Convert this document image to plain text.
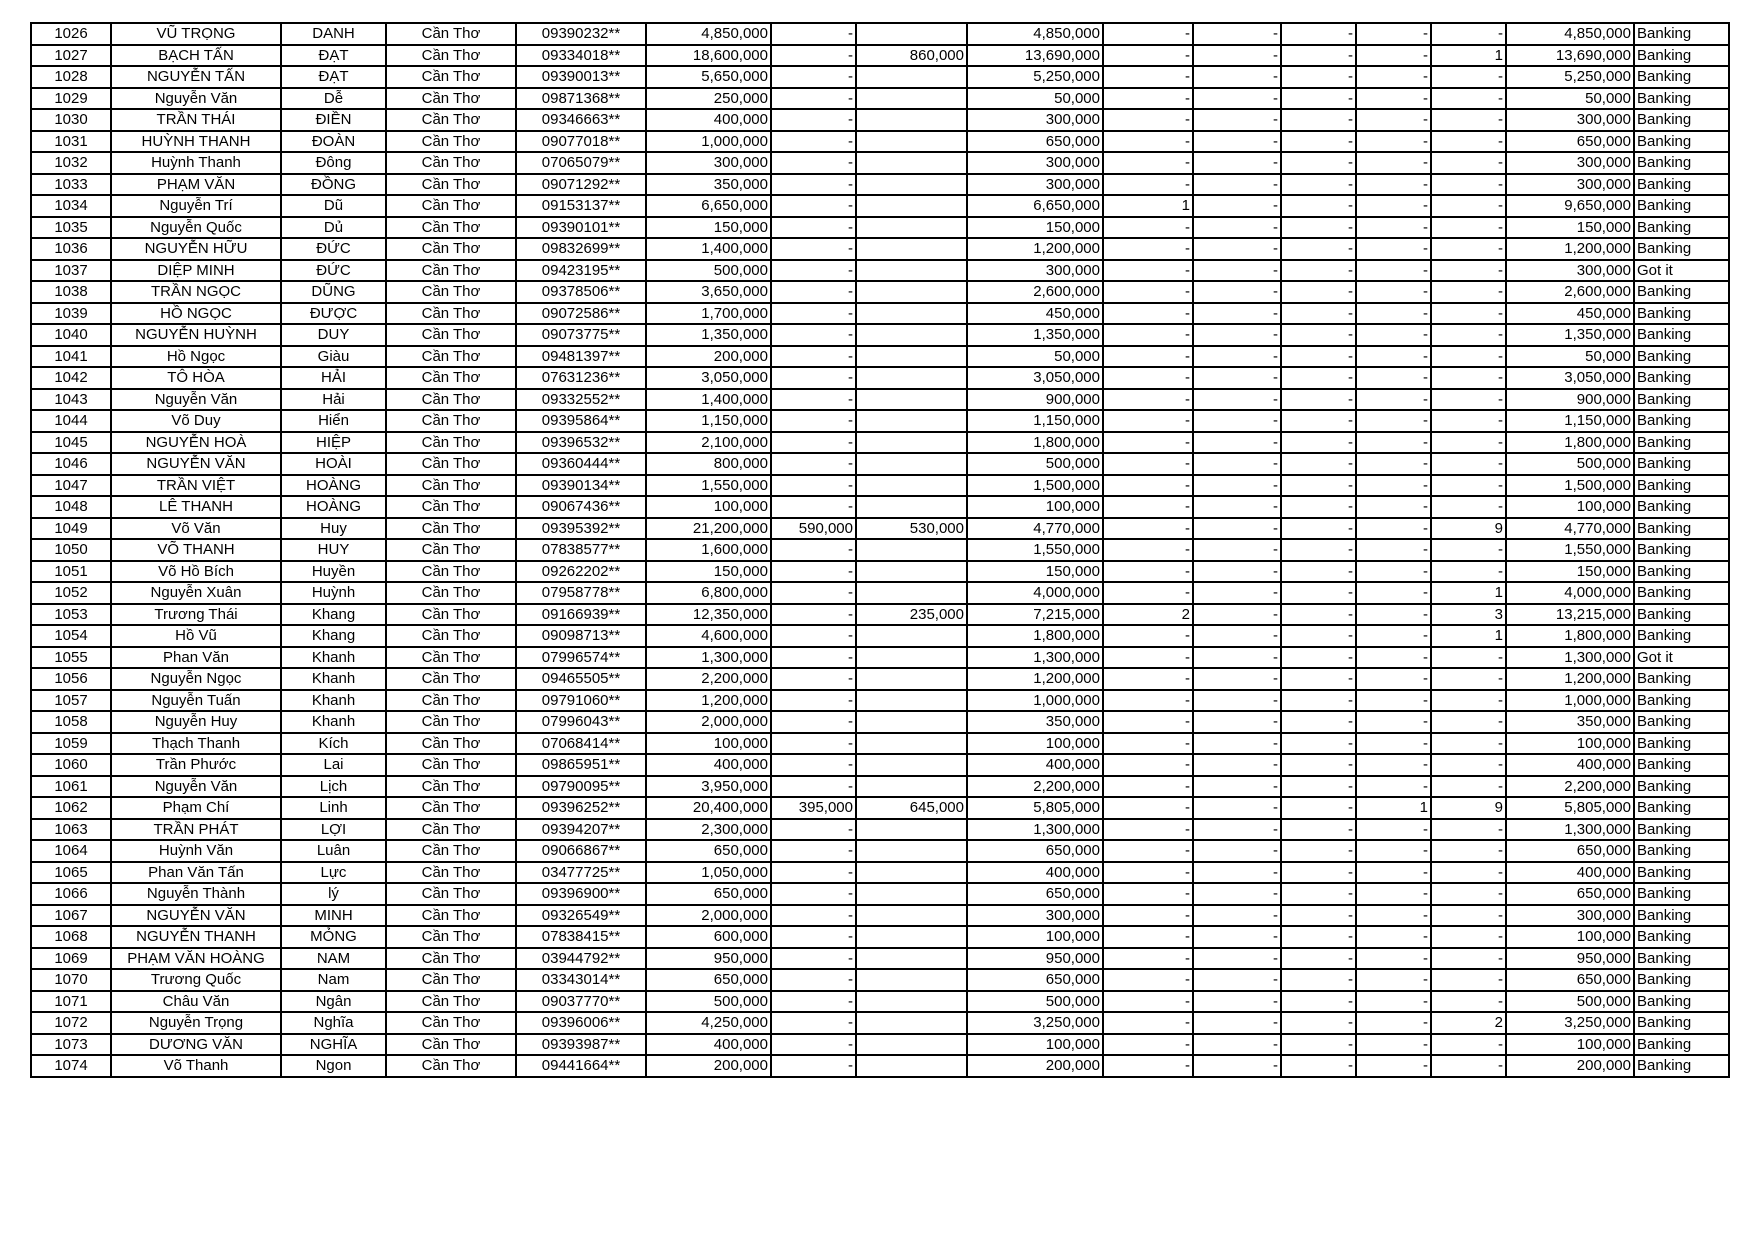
1026	VŨ TRỌNG	DANH	Cần Thơ	09390232**	4,850,000	-		4,850,000	-	-	-	-	-	4,850,000	Banking
1027	BẠCH TẤN	ĐẠT	Cần Thơ	09334018**	18,600,000	-	860,000	13,690,000	-	-	-	-	1	13,690,000	Banking
1028	NGUYỄN TẤN	ĐẠT	Cần Thơ	09390013**	5,650,000	-		5,250,000	-	-	-	-	-	5,250,000	Banking
1029	Nguyễn Văn	Dễ	Cần Thơ	09871368**	250,000	-		50,000	-	-	-	-	-	50,000	Banking
1030	TRẦN THÁI	ĐIỀN	Cần Thơ	09346663**	400,000	-		300,000	-	-	-	-	-	300,000	Banking
1031	HUỲNH THANH	ĐOÀN	Cần Thơ	09077018**	1,000,000	-		650,000	-	-	-	-	-	650,000	Banking
1032	Huỳnh Thanh	Đông	Cần Thơ	07065079**	300,000	-		300,000	-	-	-	-	-	300,000	Banking
1033	PHẠM VĂN	ĐỒNG	Cần Thơ	09071292**	350,000	-		300,000	-	-	-	-	-	300,000	Banking
1034	Nguyễn Trí	Dũ	Cần Thơ	09153137**	6,650,000	-		6,650,000	1	-	-	-	-	9,650,000	Banking
1035	Nguyễn Quốc	Dủ	Cần Thơ	09390101**	150,000	-		150,000	-	-	-	-	-	150,000	Banking
1036	NGUYỄN HỮU	ĐỨC	Cần Thơ	09832699**	1,400,000	-		1,200,000	-	-	-	-	-	1,200,000	Banking
1037	DIỆP MINH	ĐỨC	Cần Thơ	09423195**	500,000	-		300,000	-	-	-	-	-	300,000	Got it
1038	TRẦN NGỌC	DŨNG	Cần Thơ	09378506**	3,650,000	-		2,600,000	-	-	-	-	-	2,600,000	Banking
1039	HỒ NGỌC	ĐƯỢC	Cần Thơ	09072586**	1,700,000	-		450,000	-	-	-	-	-	450,000	Banking
1040	NGUYỄN HUỲNH	DUY	Cần Thơ	09073775**	1,350,000	-		1,350,000	-	-	-	-	-	1,350,000	Banking
1041	Hồ Ngọc	Giàu	Cần Thơ	09481397**	200,000	-		50,000	-	-	-	-	-	50,000	Banking
1042	TÔ HÒA	HẢI	Cần Thơ	07631236**	3,050,000	-		3,050,000	-	-	-	-	-	3,050,000	Banking
1043	Nguyễn Văn	Hải	Cần Thơ	09332552**	1,400,000	-		900,000	-	-	-	-	-	900,000	Banking
1044	Võ Duy	Hiển	Cần Thơ	09395864**	1,150,000	-		1,150,000	-	-	-	-	-	1,150,000	Banking
1045	NGUYỄN HOÀ	HIỆP	Cần Thơ	09396532**	2,100,000	-		1,800,000	-	-	-	-	-	1,800,000	Banking
1046	NGUYỄN VĂN	HOÀI	Cần Thơ	09360444**	800,000	-		500,000	-	-	-	-	-	500,000	Banking
1047	TRẦN VIỆT	HOÀNG	Cần Thơ	09390134**	1,550,000	-		1,500,000	-	-	-	-	-	1,500,000	Banking
1048	LÊ THANH	HOÀNG	Cần Thơ	09067436**	100,000	-		100,000	-	-	-	-	-	100,000	Banking
1049	Võ Văn	Huy	Cần Thơ	09395392**	21,200,000	590,000	530,000	4,770,000	-	-	-	-	9	4,770,000	Banking
1050	VÕ THANH	HUY	Cần Thơ	07838577**	1,600,000	-		1,550,000	-	-	-	-	-	1,550,000	Banking
1051	Võ Hồ Bích	Huyền	Cần Thơ	09262202**	150,000	-		150,000	-	-	-	-	-	150,000	Banking
1052	Nguyễn Xuân	Huỳnh	Cần Thơ	07958778**	6,800,000	-		4,000,000	-	-	-	-	1	4,000,000	Banking
1053	Trương Thái	Khang	Cần Thơ	09166939**	12,350,000	-	235,000	7,215,000	2	-	-	-	3	13,215,000	Banking
1054	Hồ Vũ	Khang	Cần Thơ	09098713**	4,600,000	-		1,800,000	-	-	-	-	1	1,800,000	Banking
1055	Phan Văn	Khanh	Cần Thơ	07996574**	1,300,000	-		1,300,000	-	-	-	-	-	1,300,000	Got it
1056	Nguyễn Ngọc	Khanh	Cần Thơ	09465505**	2,200,000	-		1,200,000	-	-	-	-	-	1,200,000	Banking
1057	Nguyễn Tuấn	Khanh	Cần Thơ	09791060**	1,200,000	-		1,000,000	-	-	-	-	-	1,000,000	Banking
1058	Nguyễn Huy	Khanh	Cần Thơ	07996043**	2,000,000	-		350,000	-	-	-	-	-	350,000	Banking
1059	Thạch Thanh	Kích	Cần Thơ	07068414**	100,000	-		100,000	-	-	-	-	-	100,000	Banking
1060	Trần Phước	Lai	Cần Thơ	09865951**	400,000	-		400,000	-	-	-	-	-	400,000	Banking
1061	Nguyễn Văn	Lịch	Cần Thơ	09790095**	3,950,000	-		2,200,000	-	-	-	-	-	2,200,000	Banking
1062	Phạm Chí	Linh	Cần Thơ	09396252**	20,400,000	395,000	645,000	5,805,000	-	-	-	1	9	5,805,000	Banking
1063	TRẦN PHÁT	LỢI	Cần Thơ	09394207**	2,300,000	-		1,300,000	-	-	-	-	-	1,300,000	Banking
1064	Huỳnh Văn	Luân	Cần Thơ	09066867**	650,000	-		650,000	-	-	-	-	-	650,000	Banking
1065	Phan Văn Tấn	Lực	Cần Thơ	03477725**	1,050,000	-		400,000	-	-	-	-	-	400,000	Banking
1066	Nguyễn Thành	lý	Cần Thơ	09396900**	650,000	-		650,000	-	-	-	-	-	650,000	Banking
1067	NGUYỄN VĂN	MINH	Cần Thơ	09326549**	2,000,000	-		300,000	-	-	-	-	-	300,000	Banking
1068	NGUYỄN THANH	MỎNG	Cần Thơ	07838415**	600,000	-		100,000	-	-	-	-	-	100,000	Banking
1069	PHẠM VĂN HOÀNG	NAM	Cần Thơ	03944792**	950,000	-		950,000	-	-	-	-	-	950,000	Banking
1070	Trương Quốc	Nam	Cần Thơ	03343014**	650,000	-		650,000	-	-	-	-	-	650,000	Banking
1071	Châu Văn	Ngân	Cần Thơ	09037770**	500,000	-		500,000	-	-	-	-	-	500,000	Banking
1072	Nguyễn Trọng	Nghĩa	Cần Thơ	09396006**	4,250,000	-		3,250,000	-	-	-	-	2	3,250,000	Banking
1073	DƯƠNG VĂN	NGHĨA	Cần Thơ	09393987**	400,000	-		100,000	-	-	-	-	-	100,000	Banking
1074	Võ Thanh	Ngon	Cần Thơ	09441664**	200,000	-		200,000	-	-	-	-	-	200,000	Banking
